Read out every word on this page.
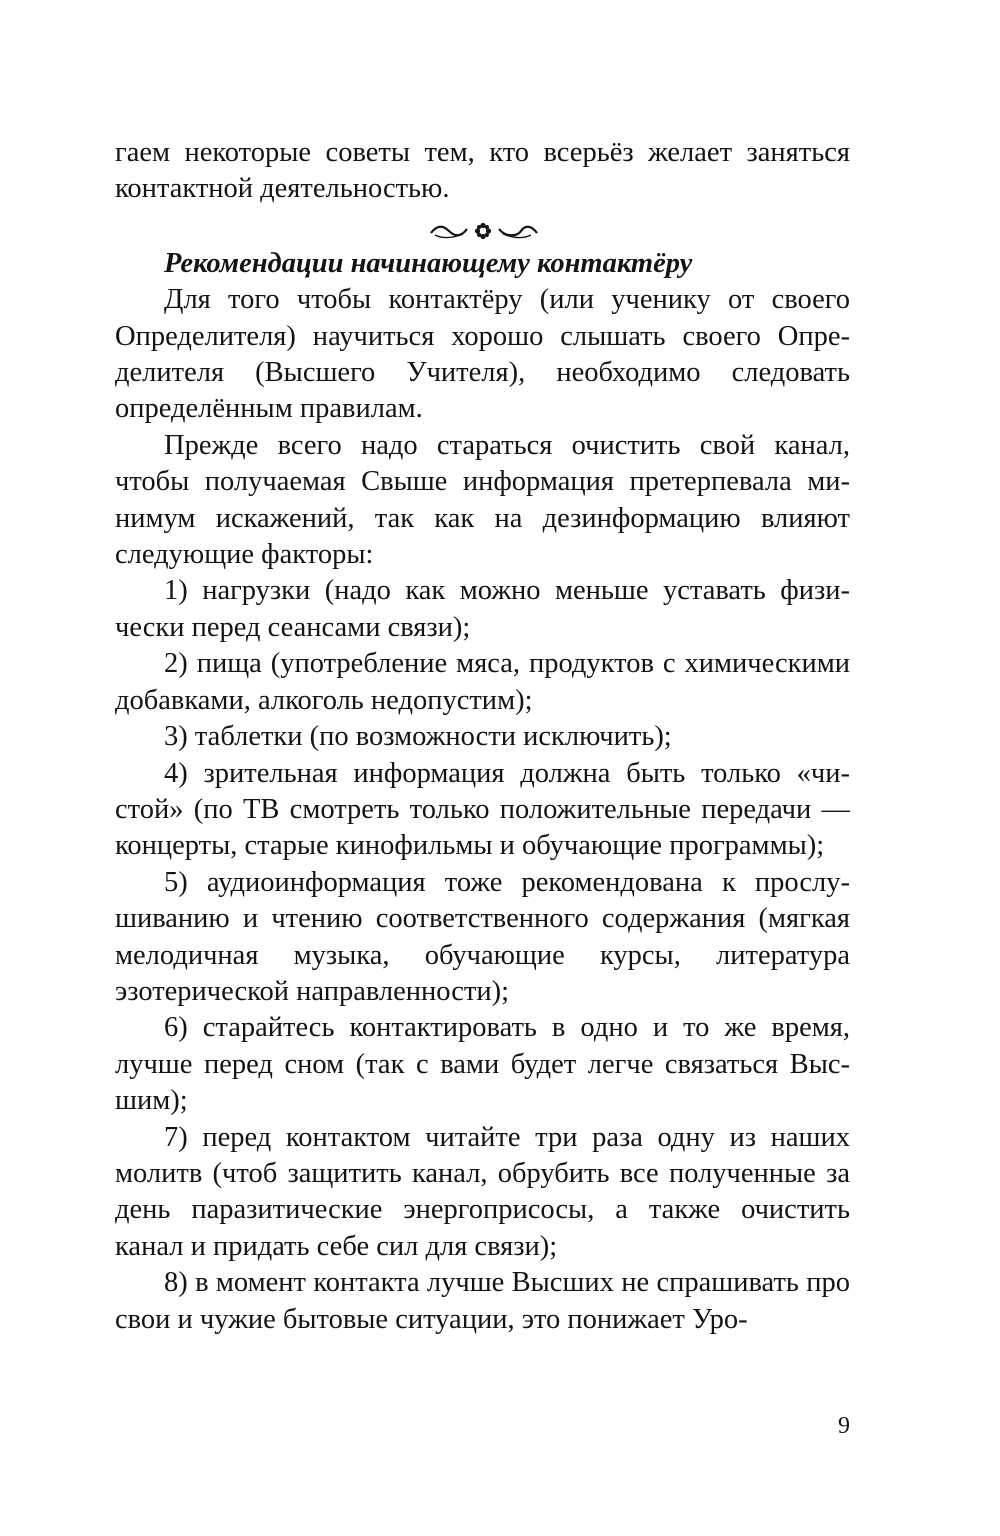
гаем некоторые советы тем, кто всерьёз желает заняться контактной деятельностью.

Рекомендации начинающему контактёру

Для того чтобы контактёру (или ученику от своего Определителя) научиться хорошо слышать своего Определителя (Высшего Учителя), необходимо следовать определённым правилам.

Прежде всего надо стараться очистить свой канал, чтобы получаемая Свыше информация претерпевала минимум искажений, так как на дезинформацию влияют следующие факторы:

1) нагрузки (надо как можно меньше уставать физически перед сеансами связи);

2) пища (употребление мяса, продуктов с химическими добавками, алкоголь недопустим);

3) таблетки (по возможности исключить);

4) зрительная информация должна быть только «чистой» (по ТВ смотреть только положительные передачи — концерты, старые кинофильмы и обучающие программы);

5) аудиоинформация тоже рекомендована к прослушиванию и чтению соответственного содержания (мягкая мелодичная музыка, обучающие курсы, литература эзотерической направленности);

6) старайтесь контактировать в одно и то же время, лучше перед сном (так с вами будет легче связаться Высшим);

7) перед контактом читайте три раза одну из наших молитв (чтоб защитить канал, обрубить все полученные за день паразитические энергоприсосы, а также очистить канал и придать себе сил для связи);

8) в момент контакта лучше Высших не спрашивать про свои и чужие бытовые ситуации, это понижает Уро-

9
